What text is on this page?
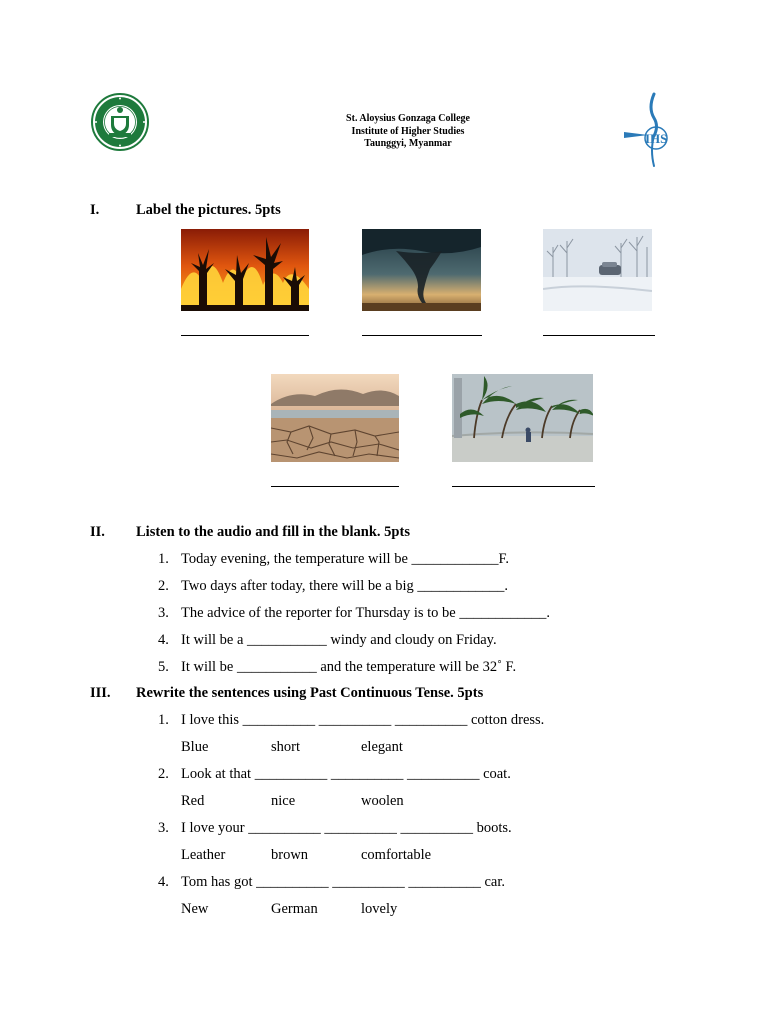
St. Aloysius Gonzaga College
Institute of Higher Studies
Taunggyi, Myanmar	IHS
I.	Label the pictures. 5pts
II. Listen to the audio and fill in the blank. 5pts
1. Today evening, the temperature will be ____________F.
2. Two days after today, there will be a big ____________.
3. The advice of the reporter for Thursday is to be ____________.
4. It will be a ___________ windy and cloudy on Friday.
5. It will be ___________ and the temperature will be 32˚ F.
III. Rewrite the sentences using Past Continuous Tense. 5pts
1. I love this __________ __________ __________ cotton dress.
Blue	short	elegant
2. Look at that __________ __________ __________ coat.
Red	nice	woolen
3. I love your __________ __________ __________ boots.
Leather	brown	comfortable
4. Tom has got __________ __________ __________ car.
New	German	lovely
